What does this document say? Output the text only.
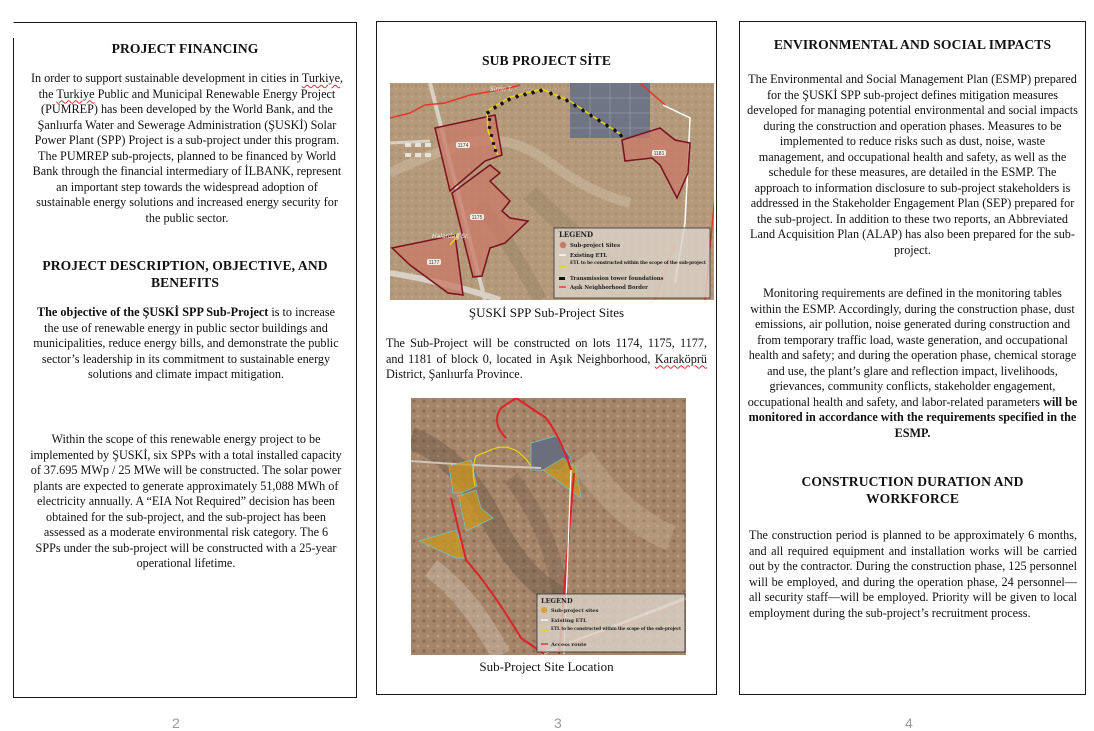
PROJECT FINANCING

In order to support sustainable development in cities in Turkiye, the Turkiye Public and Municipal Renewable Energy Project (PUMREP) has been developed by the World Bank, and the Şanlıurfa Water and Sewerage Administration (ŞUSKİ) Solar Power Plant (SPP) Project is a sub-project under this program. The PUMREP sub-projects, planned to be financed by World Bank through the financial intermediary of İLBANK, represent an important step towards the widespread adoption of sustainable energy solutions and increased energy security for the public sector.

PROJECT DESCRIPTION, OBJECTIVE, AND BENEFITS

The objective of the ŞUSKİ SPP Sub-Project is to increase the use of renewable energy in public sector buildings and municipalities, reduce energy bills, and demonstrate the public sector’s leadership in its commitment to sustainable energy solutions and climate impact mitigation.

Within the scope of this renewable energy project to be implemented by ŞUSKİ, six SPPs with a total installed capacity of 37.695 MWp / 25 MWe will be constructed. The solar power plants are expected to generate approximately 51,088 MWh of electricity annually. A “EIA Not Required” decision has been obtained for the sub-project, and the sub-project has been assessed as a moderate environmental risk category. The 6 SPPs under the sub-project will be constructed with a 25-year operational lifetime.

SUB PROJECT SİTE
1174
1175
1177
1181
Sirrin T.
Halardağ Sr.	LEGEND
Sub-project Sites
Existing ETL
ETL to be constructed within the scope of the sub-project
Transmission tower foundations
Aşık Neighborhood Border
ŞUSKİ SPP Sub-Project Sites

The Sub-Project will be constructed on lots 1174, 1175, 1177, and 1181 of block 0, located in Aşık Neighborhood, Karaköprü District, Şanlıurfa Province.

LEGEND
Sub-project sites
Existing ETL
ETL to be constructed within the scope of the sub-project
Access route
Sub-Project Site Location
ENVIRONMENTAL AND SOCIAL IMPACTS

The Environmental and Social Management Plan (ESMP) prepared for the ŞUSKİ SPP sub-project defines mitigation measures developed for managing potential environmental and social impacts during the construction and operation phases. Measures to be implemented to reduce risks such as dust, noise, waste management, and occupational health and safety, as well as the schedule for these measures, are detailed in the ESMP. The approach to information disclosure to sub-project stakeholders is addressed in the Stakeholder Engagement Plan (SEP) prepared for the sub-project. In addition to these two reports, an Abbreviated Land Acquisition Plan (ALAP) has also been prepared for the sub-project.

Monitoring requirements are defined in the monitoring tables within the ESMP. Accordingly, during the construction phase, dust emissions, air pollution, noise generated during construction and from temporary traffic load, waste generation, and occupational health and safety; and during the operation phase, chemical storage and use, the plant’s glare and reflection impact, livelihoods, grievances, community conflicts, stakeholder engagement, occupational health and safety, and labor-related parameters will be monitored in accordance with the requirements specified in the ESMP.

CONSTRUCTION DURATION AND WORKFORCE

The construction period is planned to be approximately 6 months, and all required equipment and installation works will be carried out by the contractor. During the construction phase, 125 personnel will be employed, and during the operation phase, 24 personnel—all security staff—will be employed. Priority will be given to local employment during the sub-project’s recruitment process.

2	3	4
